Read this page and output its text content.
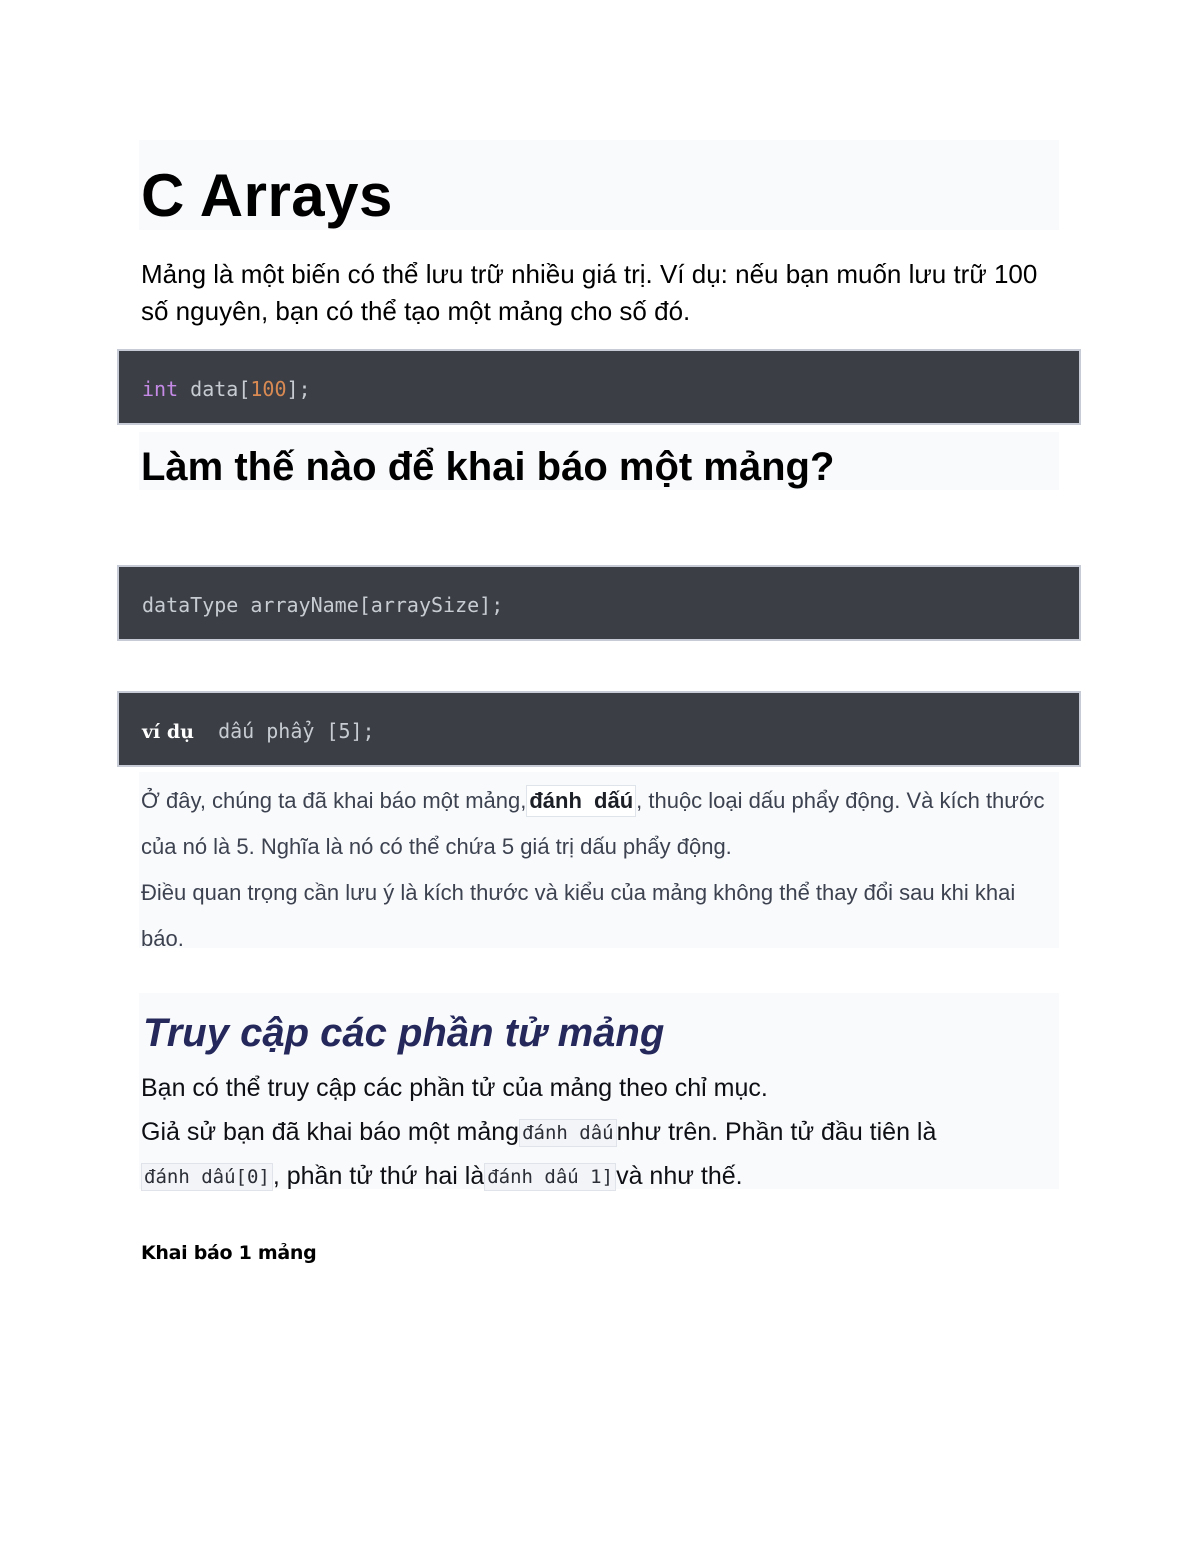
C Arrays

Mảng là một biến có thể lưu trữ nhiều giá trị. Ví dụ: nếu bạn muốn lưu trữ 100 số nguyên, bạn có thể tạo một mảng cho số đó.

int data[100];
Làm thế nào để khai báo một mảng?
dataType arrayName[arraySize];
ví dụ  dấú phẩỷ [5];

Ở đây, chúng ta đã khai báo một mảng, đánh dấú , thuộc loại dấu phẩy động. Và kích thước của nó là 5. Nghĩa là nó có thể chứa 5 giá trị dấu phẩy động.

Điều quan trọng cần lưu ý là kích thước và kiểu của mảng không thể thay đổi sau khi khai báo.

Truy cập các phần tử mảng

Bạn có thể truy cập các phần tử của mảng theo chỉ mục.

Giả sử bạn đã khai báo một mảng đánh dấú như trên. Phần tử đầu tiên làđánh dấú[0] , phần tử thứ hai là đánh dấú 1] và như thế.

Khai báo 1 mảng
